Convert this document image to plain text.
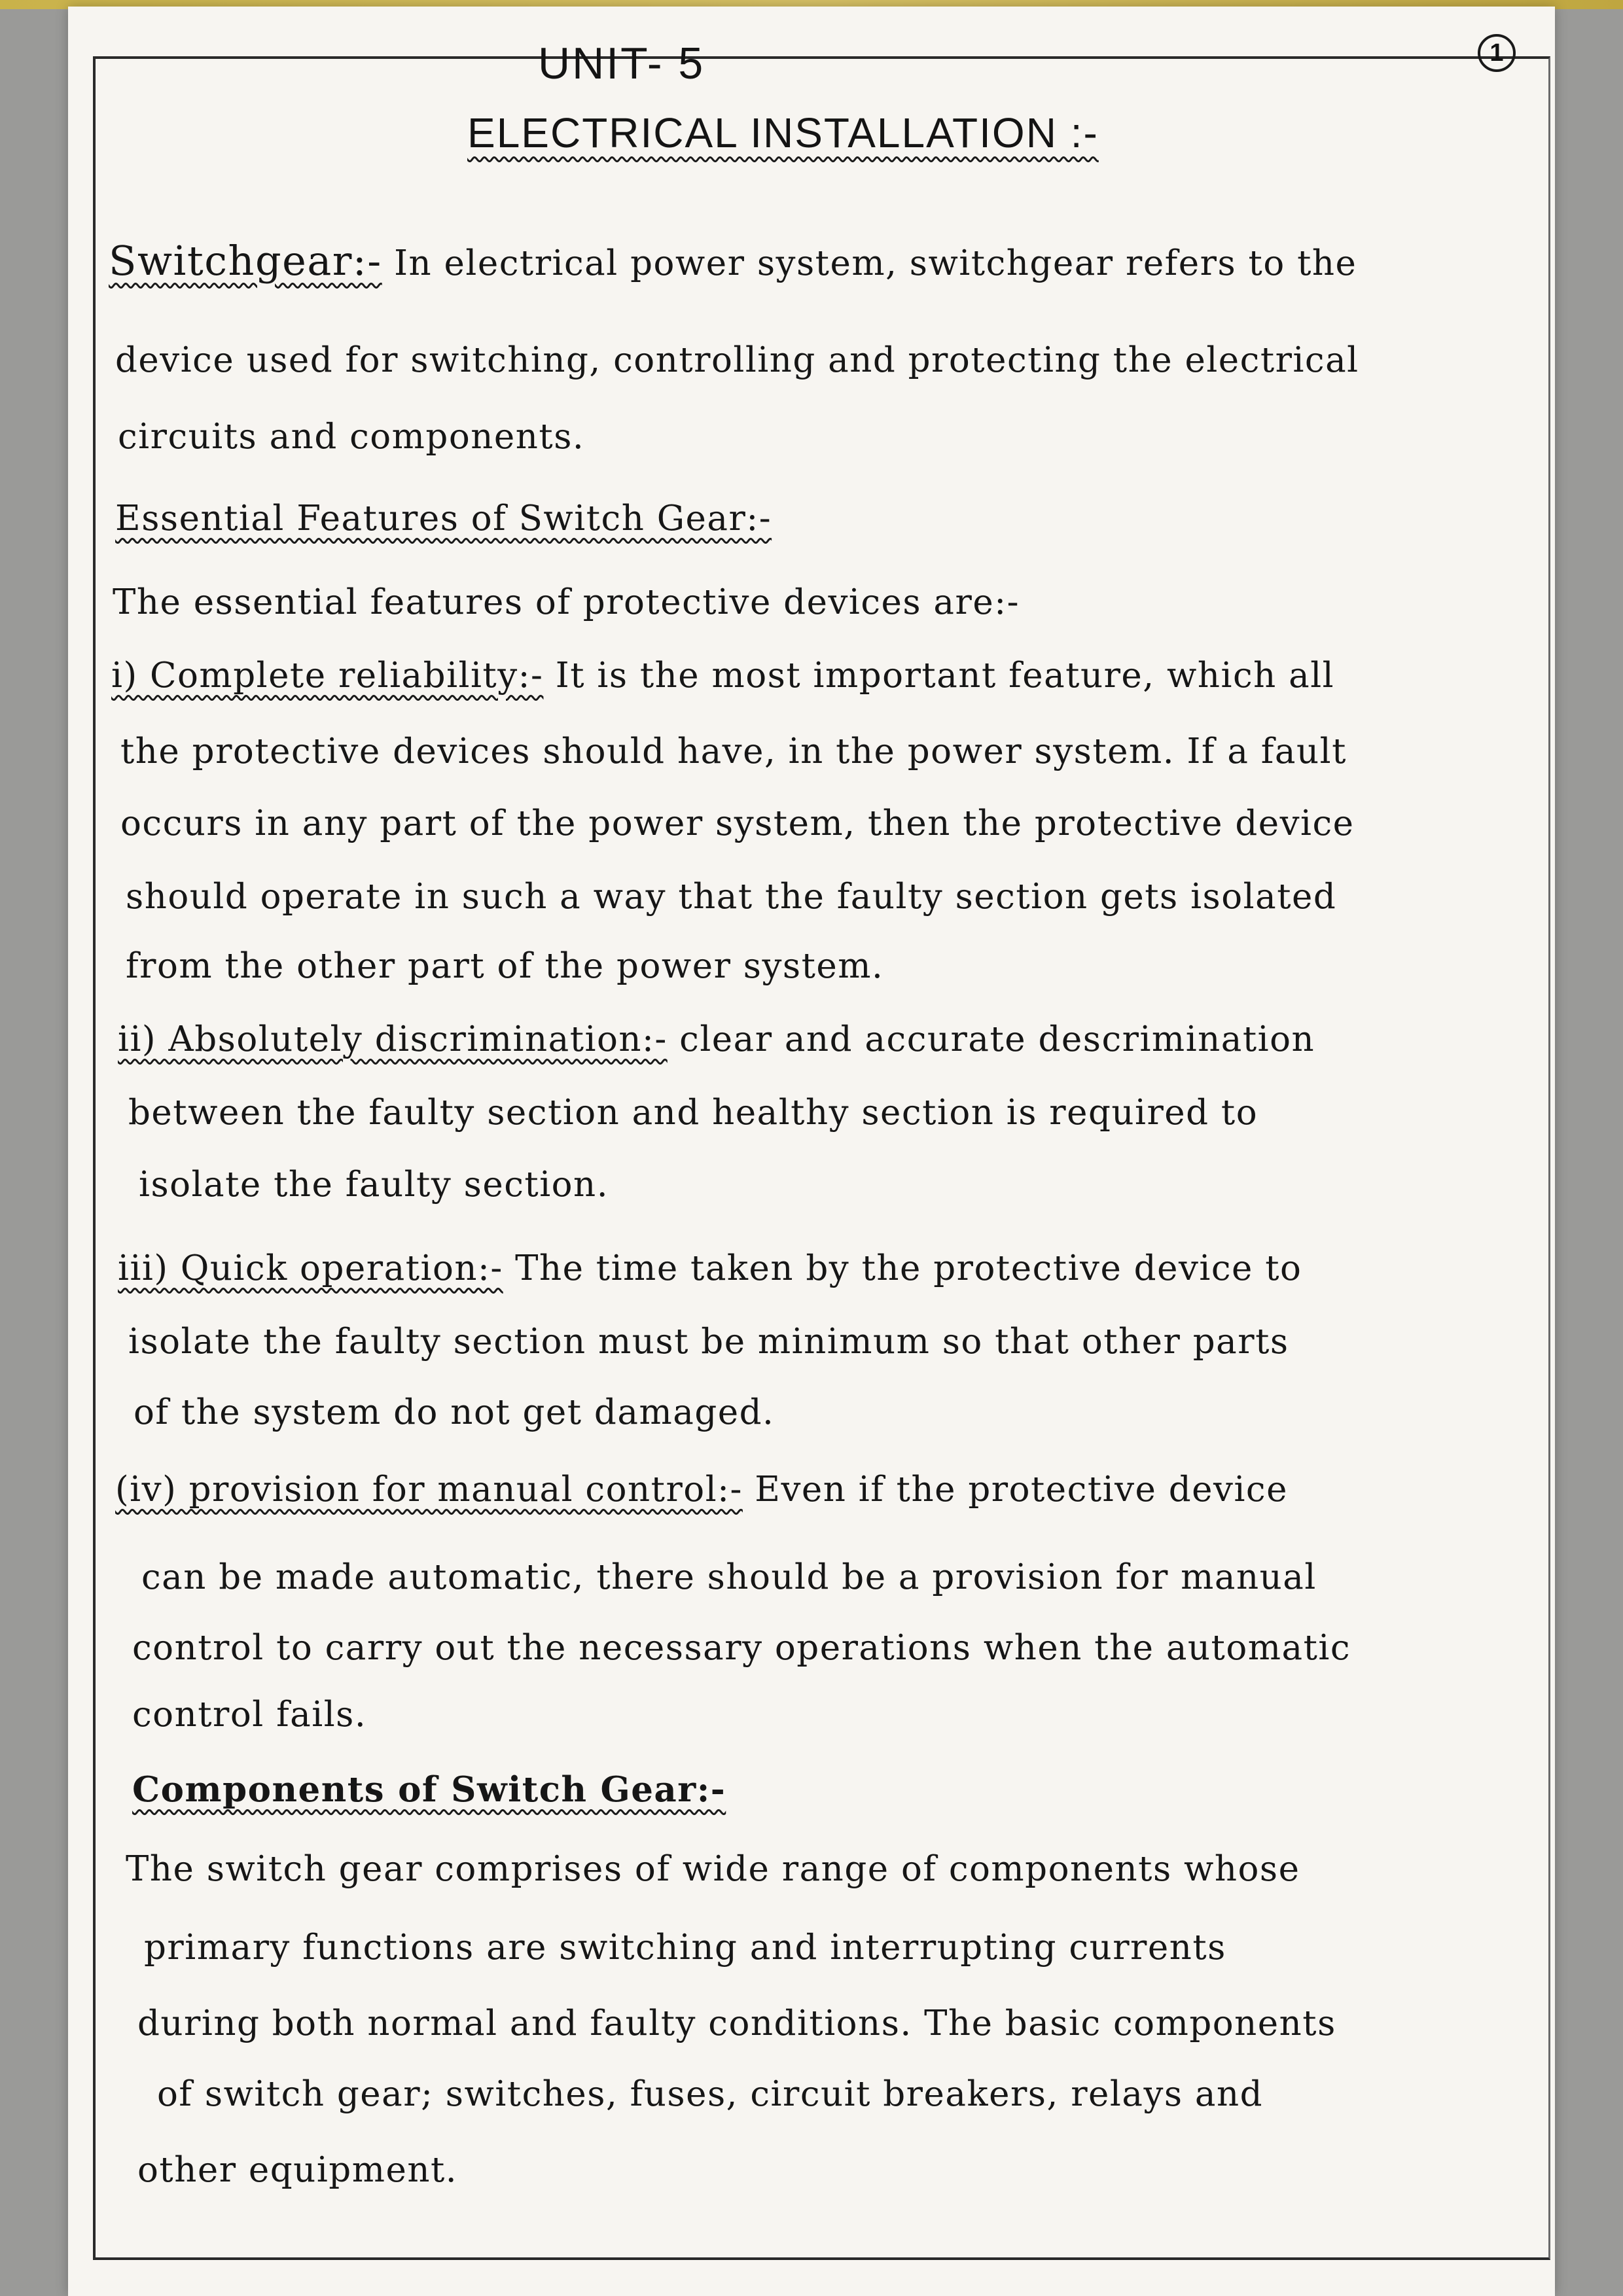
1
UNIT- 5
ELECTRICAL INSTALLATION :-
Switchgear:- In electrical power system, switchgear refers to the
device used for switching, controlling and protecting the electrical
circuits and components.
Essential Features of Switch Gear:-
The essential features of protective devices are:-
i) Complete reliability:- It is the most important feature, which all
the protective devices should have, in the power system. If a fault
occurs in any part of the power system, then the protective device
should operate in such a way that the faulty section gets isolated
from the other part of the power system.
ii) Absolutely discrimination:- clear and accurate descrimination
between the faulty section and healthy section is required to
isolate the faulty section.
iii) Quick operation:- The time taken by the protective device to
isolate the faulty section must be minimum so that other parts
of the system do not get damaged.
(iv) provision for manual control:- Even if the protective device
can be made automatic, there should be a provision for manual
control to carry out the necessary operations when the automatic
control fails.
Components of Switch Gear:-
The switch gear comprises of wide range of components whose
primary functions are switching and interrupting currents
during both normal and faulty conditions. The basic components
of switch gear; switches, fuses, circuit breakers, relays and
other equipment.
